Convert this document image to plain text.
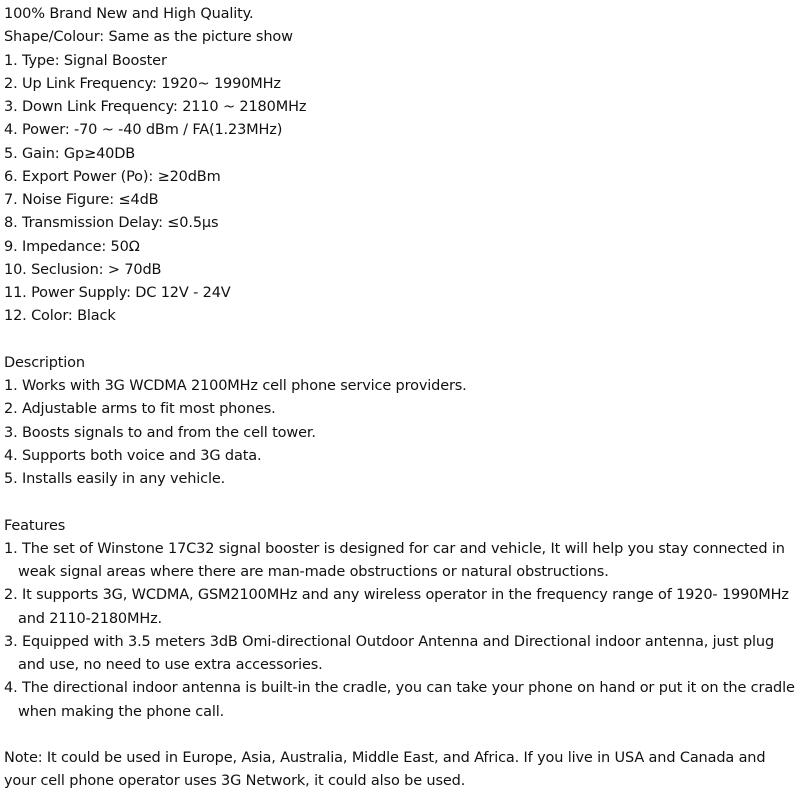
100% Brand New and High Quality.
Shape/Colour: Same as the picture show
1. Type: Signal Booster
2. Up Link Frequency: 1920~ 1990MHz
3. Down Link Frequency: 2110 ~ 2180MHz
4. Power: -70 ~ -40 dBm / FA(1.23MHz)
5. Gain: Gp≥40DB
6. Export Power (Po): ≥20dBm
7. Noise Figure: ≤4dB
8. Transmission Delay: ≤0.5μs
9. Impedance: 50Ω
10. Seclusion: > 70dB
11. Power Supply: DC 12V - 24V
12. Color: Black
Description
1. Works with 3G WCDMA 2100MHz cell phone service providers.
2. Adjustable arms to fit most phones.
3. Boosts signals to and from the cell tower.
4. Supports both voice and 3G data.
5. Installs easily in any vehicle.
Features
1. The set of Winstone 17C32 signal booster is designed for car and vehicle, It will help you stay connected in weak signal areas where there are man-made obstructions or natural obstructions.
2. It supports 3G, WCDMA, GSM2100MHz and any wireless operator in the frequency range of 1920- 1990MHz and 2110-2180MHz.
3. Equipped with 3.5 meters 3dB Omi-directional Outdoor Antenna and Directional indoor antenna, just plug and use, no need to use extra accessories.
4. The directional indoor antenna is built-in the cradle, you can take your phone on hand or put it on the cradle when making the phone call.
Note: It could be used in Europe, Asia, Australia, Middle East, and Africa. If you live in USA and Canada and your cell phone operator uses 3G Network, it could also be used.
